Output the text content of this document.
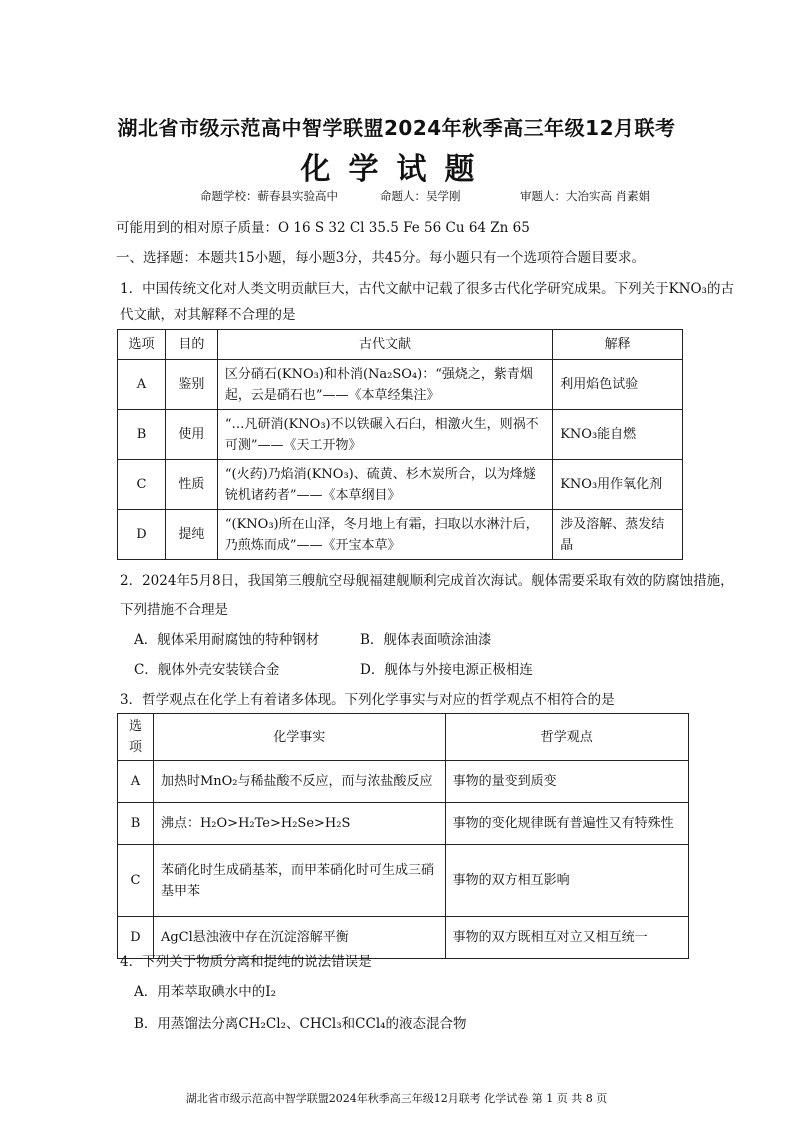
湖北省市级示范高中智学联盟2024年秋季高三年级12月联考
化学试题
命题学校：蕲春县实验高中	命题人：吴学刚	审题人：大冶实高 肖素娟
可能用到的相对原子质量：O 16 S 32 Cl 35.5 Fe 56 Cu 64 Zn 65
一、选择题：本题共15小题，每小题3分，共45分。每小题只有一个选项符合题目要求。
1．中国传统文化对人类文明贡献巨大，古代文献中记载了很多古代化学研究成果。下列关于KNO₃的古
代文献，对其解释不合理的是
选项	目的	古代文献	解释
A	鉴别	区分硝石(KNO₃)和朴消(Na₂SO₄)：“强烧之，紫青烟起，云是硝石也”——《本草经集注》	利用焰色试验
B	使用	“…凡研消(KNO₃)不以铁碾入石臼，相激火生，则祸不可测”——《天工开物》	KNO₃能自燃
C	性质	“(火药)乃焰消(KNO₃)、硫黄、杉木炭所合，以为烽燧铳机诸药者”——《本草纲目》	KNO₃用作氧化剂
D	提纯	“(KNO₃)所在山泽，冬月地上有霜，扫取以水淋汁后，乃煎炼而成”——《开宝本草》	涉及溶解、蒸发结晶
2．2024年5月8日，我国第三艘航空母舰福建舰顺利完成首次海试。舰体需要采取有效的防腐蚀措施，
下列措施不合理是
A．舰体采用耐腐蚀的特种钢材	B．舰体表面喷涂油漆
C．舰体外壳安装镁合金	D．舰体与外接电源正极相连
3．哲学观点在化学上有着诸多体现。下列化学事实与对应的哲学观点不相符合的是
选项	化学事实	哲学观点
A	加热时MnO₂与稀盐酸不反应，而与浓盐酸反应	事物的量变到质变
B	沸点：H₂O>H₂Te>H₂Se>H₂S	事物的变化规律既有普遍性又有特殊性
C	苯硝化时生成硝基苯，而甲苯硝化时可生成三硝基甲苯	事物的双方相互影响
D	AgCl悬浊液中存在沉淀溶解平衡	事物的双方既相互对立又相互统一
4．下列关于物质分离和提纯的说法错误是
A．用苯萃取碘水中的I₂
B．用蒸馏法分离CH₂Cl₂、CHCl₃和CCl₄的液态混合物
湖北省市级示范高中智学联盟2024年秋季高三年级12月联考 化学试卷 第 1 页 共 8 页
